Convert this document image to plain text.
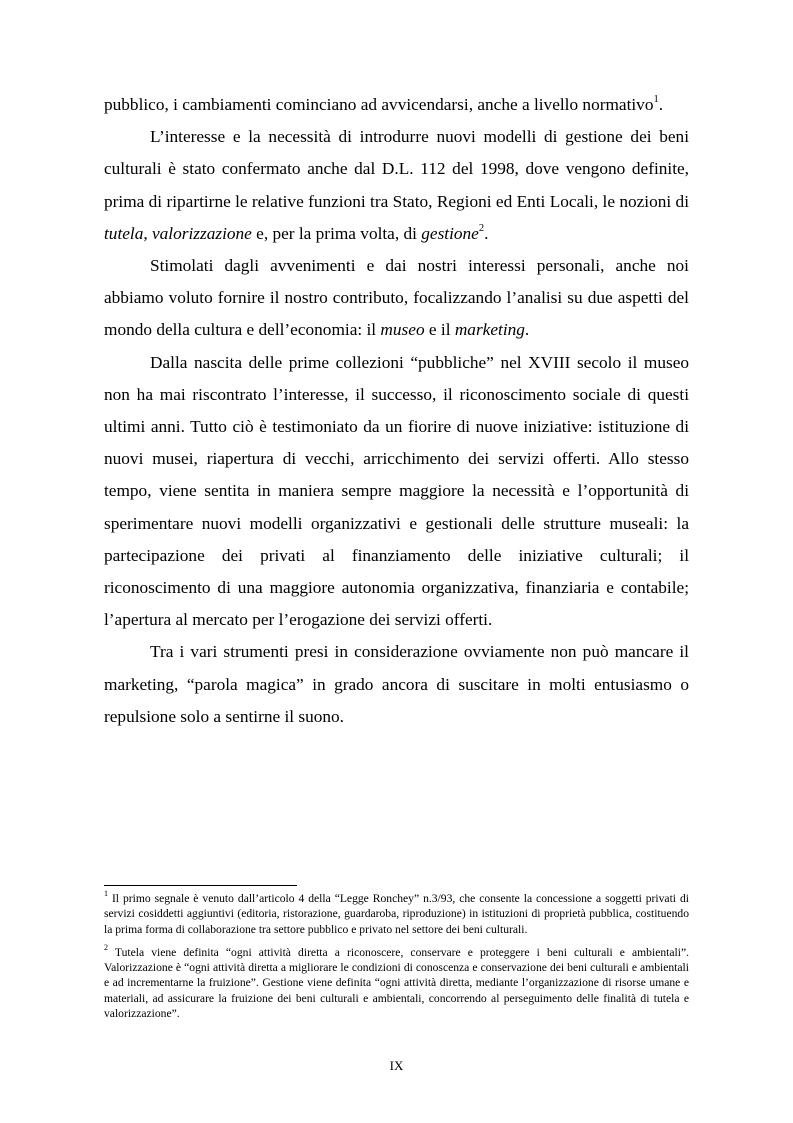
pubblico, i cambiamenti cominciano ad avvicendarsi, anche a livello normativo$^1$.

L’interesse e la necessità di introdurre nuovi modelli di gestione dei beni culturali è stato confermato anche dal D.L. 112 del 1998, dove vengono definite, prima di ripartirne le relative funzioni tra Stato, Regioni ed Enti Locali, le nozioni di tutela, valorizzazione e, per la prima volta, di gestione$^2$.

Stimolati dagli avvenimenti e dai nostri interessi personali, anche noi abbiamo voluto fornire il nostro contributo, focalizzando l’analisi su due aspetti del mondo della cultura e dell’economia: il museo e il marketing.

Dalla nascita delle prime collezioni “pubbliche” nel XVIII secolo il museo non ha mai riscontrato l’interesse, il successo, il riconoscimento sociale di questi ultimi anni. Tutto ciò è testimoniato da un fiorire di nuove iniziative: istituzione di nuovi musei, riapertura di vecchi, arricchimento dei servizi offerti. Allo stesso tempo, viene sentita in maniera sempre maggiore la necessità e l’opportunità di sperimentare nuovi modelli organizzativi e gestionali delle strutture museali: la partecipazione dei privati al finanziamento delle iniziative culturali; il riconoscimento di una maggiore autonomia organizzativa, finanziaria e contabile; l’apertura al mercato per l’erogazione dei servizi offerti.

Tra i vari strumenti presi in considerazione ovviamente non può mancare il marketing, “parola magica” in grado ancora di suscitare in molti entusiasmo o repulsione solo a sentirne il suono.

$^1$ Il primo segnale è venuto dall’articolo 4 della “Legge Ronchey” n.3/93, che consente la concessione a soggetti privati di servizi cosiddetti aggiuntivi (editoria, ristorazione, guardaroba, riproduzione) in istituzioni di proprietà pubblica, costituendo la prima forma di collaborazione tra settore pubblico e privato nel settore dei beni culturali.

$^2$ Tutela viene definita “ogni attività diretta a riconoscere, conservare e proteggere i beni culturali e ambientali”. Valorizzazione è “ogni attività diretta a migliorare le condizioni di conoscenza e conservazione dei beni culturali e ambientali e ad incrementarne la fruizione”. Gestione viene definita “ogni attività diretta, mediante l’organizzazione di risorse umane e materiali, ad assicurare la fruizione dei beni culturali e ambientali, concorrendo al perseguimento delle finalità di tutela e valorizzazione”.

IX
